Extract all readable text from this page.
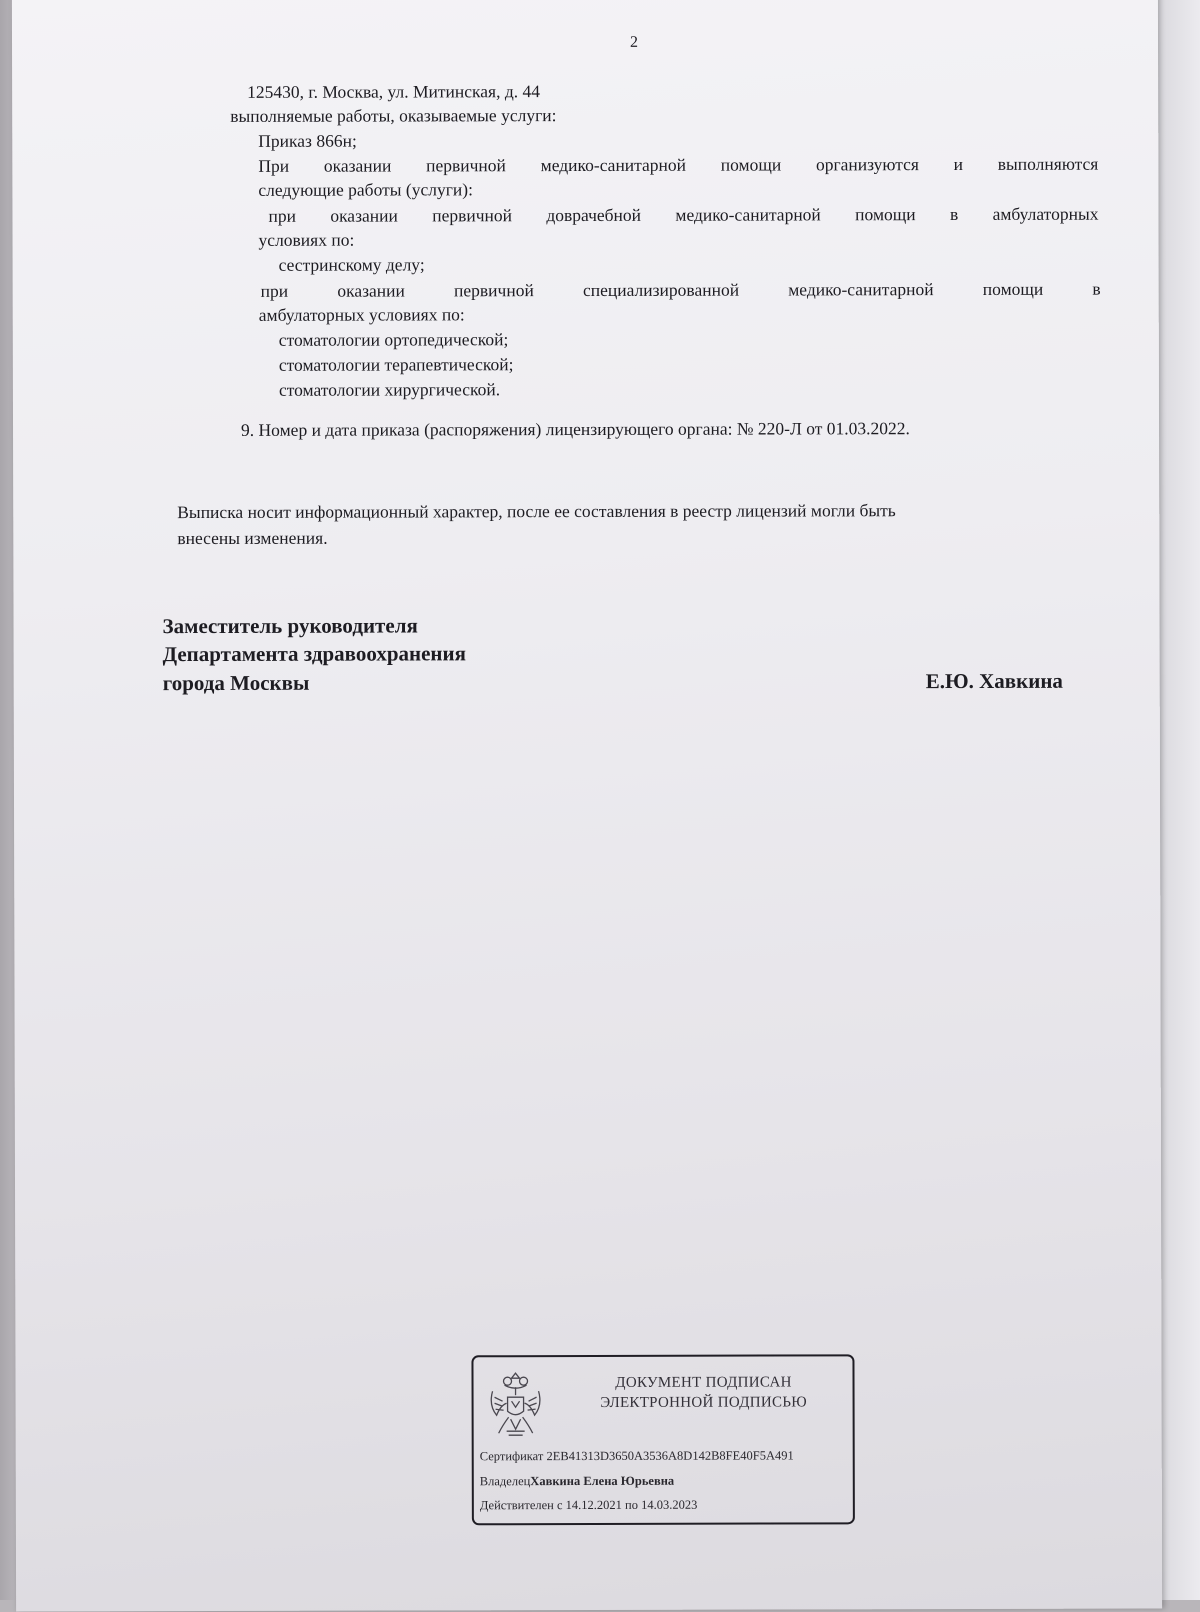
2
125430, г. Москва, ул. Митинская, д. 44
выполняемые работы, оказываемые услуги:
Приказ 866н;
При оказании первичной медико-санитарной помощи организуются и выполняются
следующие работы (услуги):
при оказании первичной доврачебной медико-санитарной помощи в амбулаторных
условиях по:
сестринскому делу;
при оказании первичной специализированной медико-санитарной помощи в
амбулаторных условиях по:
стоматологии ортопедической;
стоматологии терапевтической;
стоматологии хирургической.
9. Номер и дата приказа (распоряжения) лицензирующего органа: № 220-Л от 01.03.2022.
Выписка носит информационный характер, после ее составления в реестр лицензий могли быть
внесены изменения.
Заместитель руководителя
Департамента здравоохранения
города Москвы	Е.Ю. Хавкина
ДОКУМЕНТ ПОДПИСАН
ЭЛЕКТРОННОЙ ПОДПИСЬЮ
Сертификат 2EB41313D3650A3536A8D142B8FE40F5A491
ВладелецХавкина Елена Юрьевна
Действителен с 14.12.2021 по 14.03.2023
